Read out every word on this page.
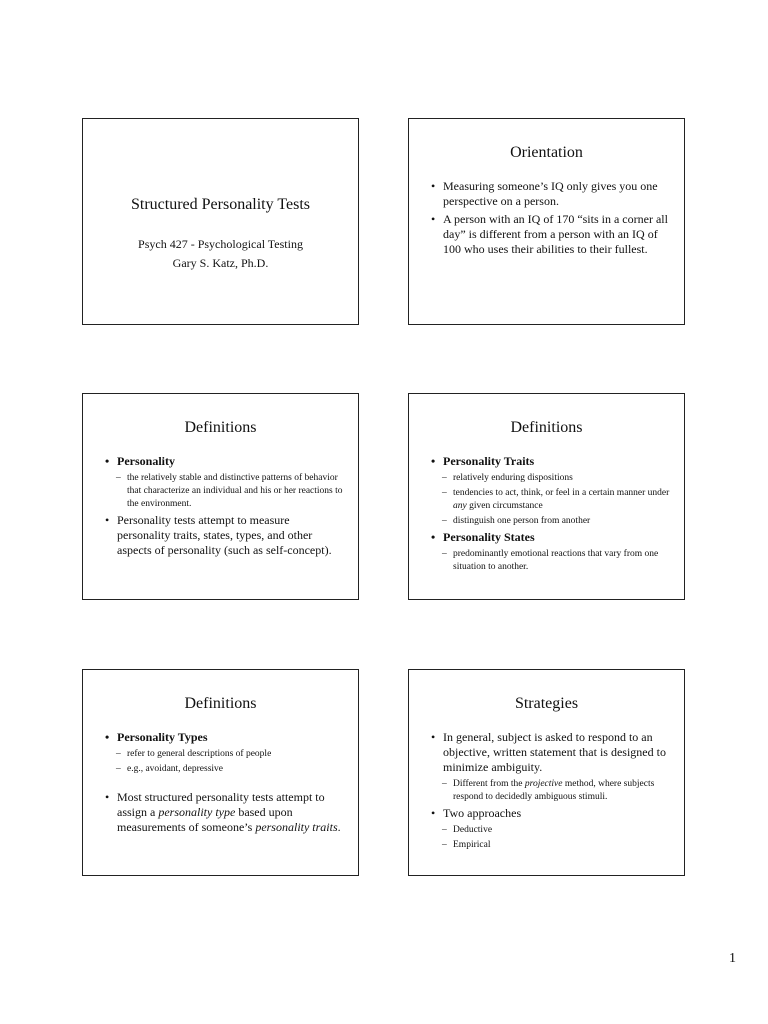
Structured Personality Tests
Psych 427 - Psychological Testing
Gary S. Katz, Ph.D.
Orientation
• Measuring someone’s IQ only gives you one perspective on a person.
• A person with an IQ of 170 “sits in a corner all day” is different from a person with an IQ of 100 who uses their abilities to their fullest.
Definitions
• Personality
– the relatively stable and distinctive patterns of behavior that characterize an individual and his or her reactions to the environment.
• Personality tests attempt to measure personality traits, states, types, and other aspects of personality (such as self-concept).
Definitions
• Personality Traits
– relatively enduring dispositions
– tendencies to act, think, or feel in a certain manner under any given circumstance
– distinguish one person from another
• Personality States
– predominantly emotional reactions that vary from one situation to another.
Definitions
• Personality Types
– refer to general descriptions of people
– e.g., avoidant, depressive
• Most structured personality tests attempt to assign a personality type based upon measurements of someone’s personality traits.
Strategies
• In general, subject is asked to respond to an objective, written statement that is designed to minimize ambiguity.
– Different from the projective method, where subjects respond to decidedly ambiguous stimuli.
• Two approaches
– Deductive
– Empirical
1
